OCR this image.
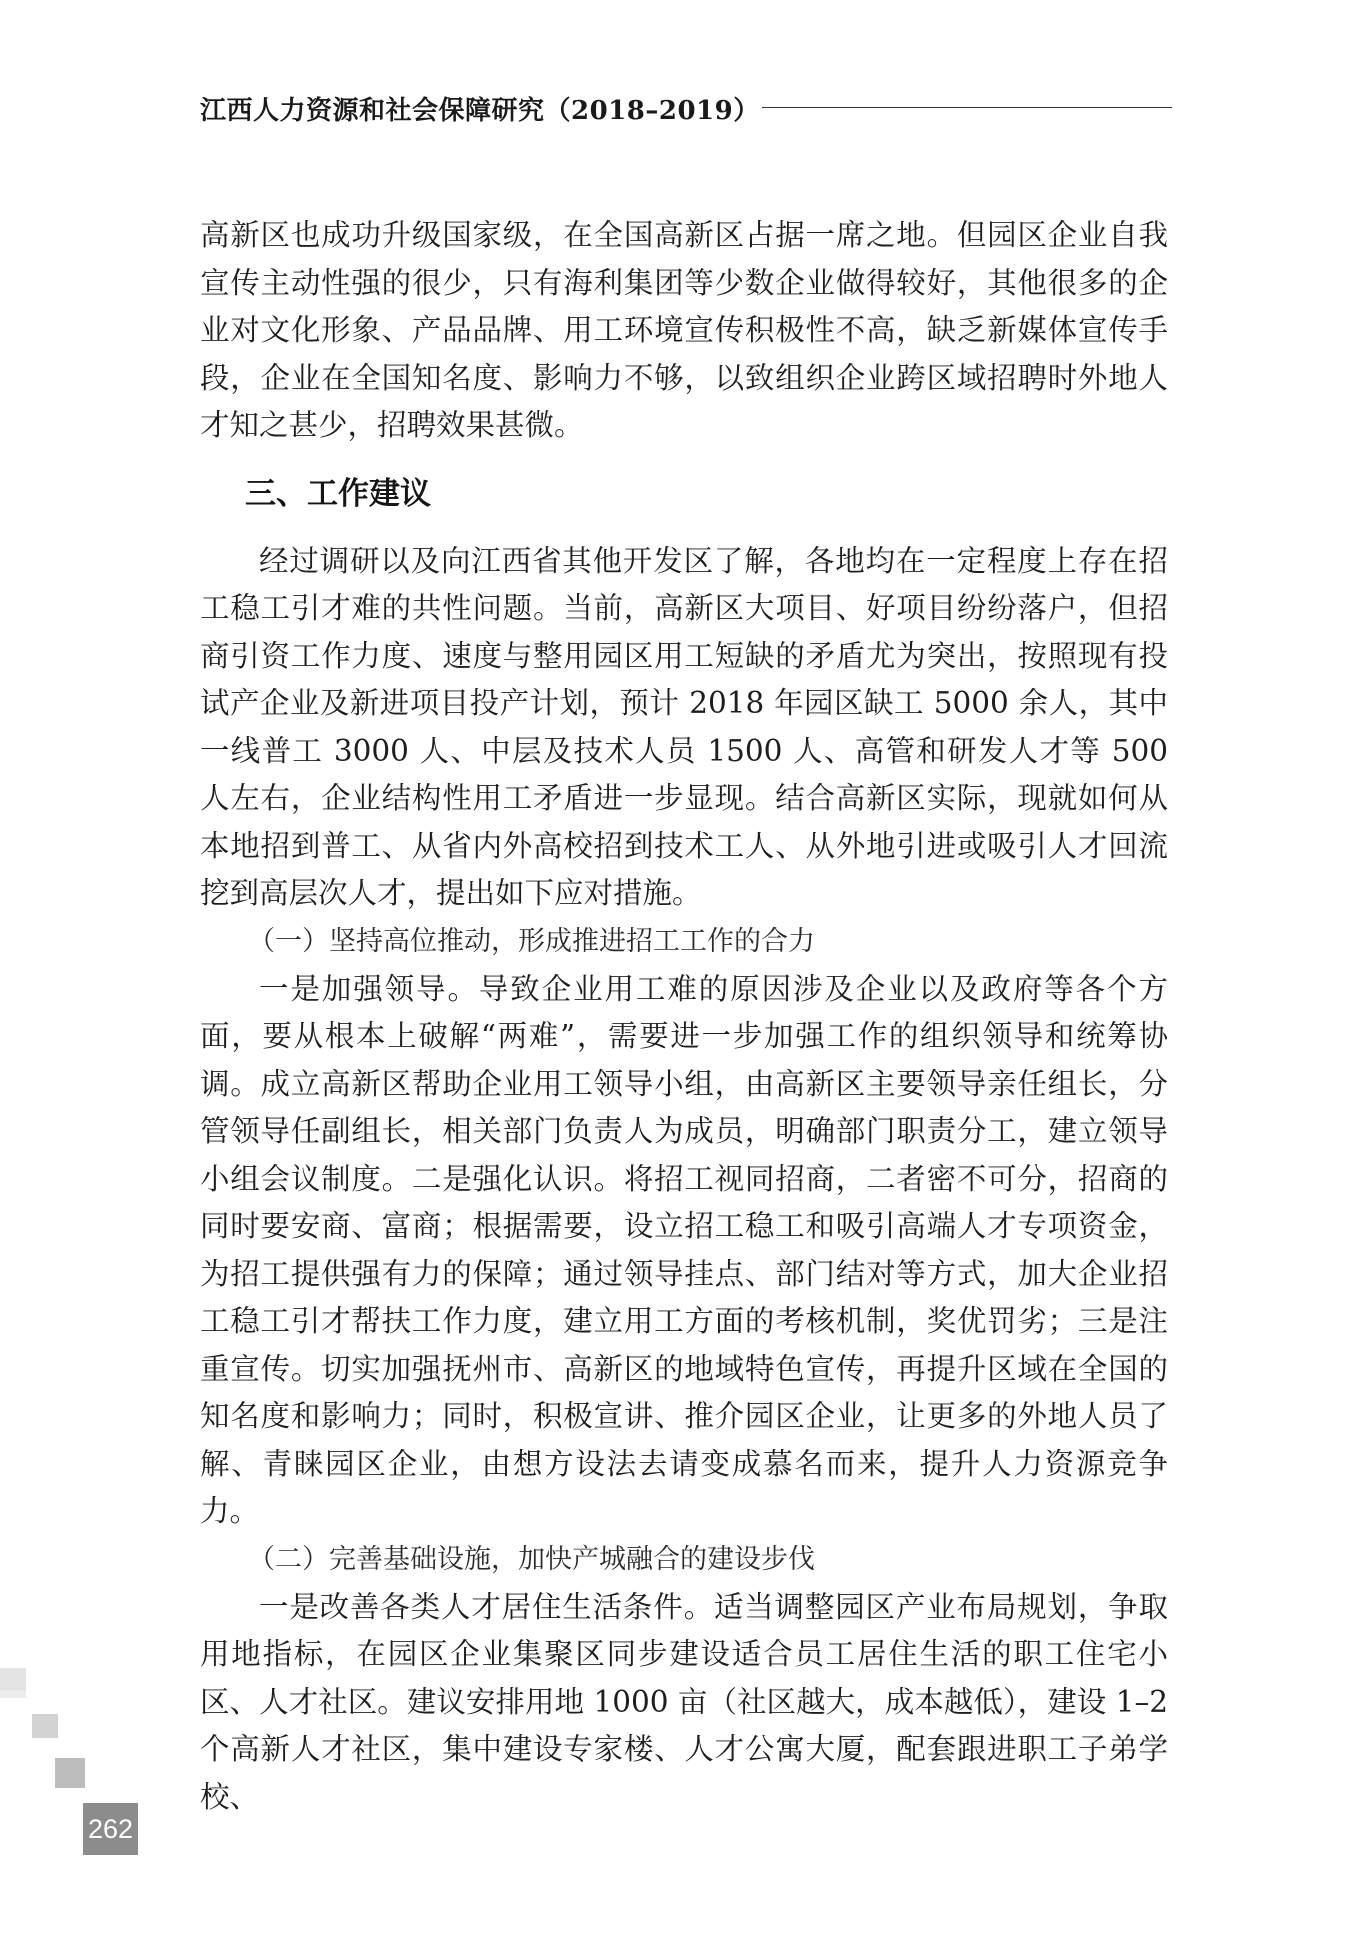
江西人力资源和社会保障研究（2018–2019）

高新区也成功升级国家级，在全国高新区占据一席之地。但园区企业自我宣传主动性强的很少，只有海利集团等少数企业做得较好，其他很多的企业对文化形象、产品品牌、用工环境宣传积极性不高，缺乏新媒体宣传手段，企业在全国知名度、影响力不够，以致组织企业跨区域招聘时外地人才知之甚少，招聘效果甚微。

三、工作建议

经过调研以及向江西省其他开发区了解，各地均在一定程度上存在招工稳工引才难的共性问题。当前，高新区大项目、好项目纷纷落户，但招商引资工作力度、速度与整用园区用工短缺的矛盾尤为突出，按照现有投试产企业及新进项目投产计划，预计 2018 年园区缺工 5000 余人，其中一线普工 3000 人、中层及技术人员 1500 人、高管和研发人才等 500 人左右，企业结构性用工矛盾进一步显现。结合高新区实际，现就如何从本地招到普工、从省内外高校招到技术工人、从外地引进或吸引人才回流挖到高层次人才，提出如下应对措施。

（一）坚持高位推动，形成推进招工工作的合力

一是加强领导。导致企业用工难的原因涉及企业以及政府等各个方面，要从根本上破解“两难”，需要进一步加强工作的组织领导和统筹协调。成立高新区帮助企业用工领导小组，由高新区主要领导亲任组长，分管领导任副组长，相关部门负责人为成员，明确部门职责分工，建立领导小组会议制度。二是强化认识。将招工视同招商，二者密不可分，招商的同时要安商、富商；根据需要，设立招工稳工和吸引高端人才专项资金，为招工提供强有力的保障；通过领导挂点、部门结对等方式，加大企业招工稳工引才帮扶工作力度，建立用工方面的考核机制，奖优罚劣；三是注重宣传。切实加强抚州市、高新区的地域特色宣传，再提升区域在全国的知名度和影响力；同时，积极宣讲、推介园区企业，让更多的外地人员了解、青睐园区企业，由想方设法去请变成慕名而来，提升人力资源竞争力。

（二）完善基础设施，加快产城融合的建设步伐

一是改善各类人才居住生活条件。适当调整园区产业布局规划，争取用地指标，在园区企业集聚区同步建设适合员工居住生活的职工住宅小区、人才社区。建议安排用地 1000 亩（社区越大，成本越低），建设 1–2 个高新人才社区，集中建设专家楼、人才公寓大厦，配套跟进职工子弟学校、

262
